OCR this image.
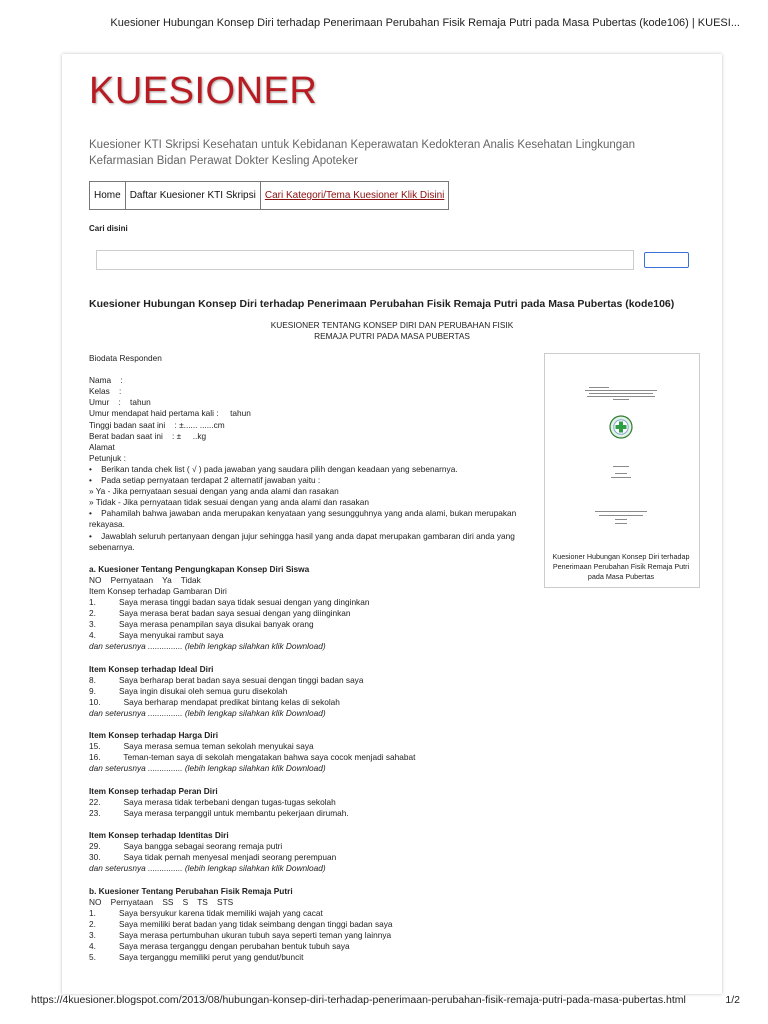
Kuesioner Hubungan Konsep Diri terhadap Penerimaan Perubahan Fisik Remaja Putri pada Masa Pubertas (kode106) | KUESI...
KUESIONER
Kuesioner KTI Skripsi Kesehatan untuk Kebidanan Keperawatan Kedokteran Analis Kesehatan Lingkungan Kefarmasian Bidan Perawat Dokter Kesling Apoteker
Home Daftar Kuesioner KTI Skripsi Cari Kategori/Tema Kuesioner Klik Disini
Cari disini
Kuesioner Hubungan Konsep Diri terhadap Penerimaan Perubahan Fisik Remaja Putri pada Masa Pubertas (kode106)
KUESIONER TENTANG KONSEP DIRI DAN PERUBAHAN FISIK
REMAJA PUTRI PADA MASA PUBERTAS
Biodata Responden
Nama    :
Kelas    :
Umur    :    tahun
Umur mendapat haid pertama kali :     tahun
Tinggi badan saat ini    : ±...... ......cm
Berat badan saat ini    : ±     ..kg
Alamat
Petunjuk :
•    Berikan tanda chek list ( √ ) pada jawaban yang saudara pilih dengan keadaan yang sebenarnya.
•    Pada setiap pernyataan terdapat 2 alternatif jawaban yaitu :
» Ya - Jika pernyataan sesuai dengan yang anda alami dan rasakan
» Tidak - Jika pernyataan tidak sesuai dengan yang anda alami dan rasakan
•    Pahamilah bahwa jawaban anda merupakan kenyataan yang sesungguhnya yang anda alami, bukan merupakan rekayasa.
•    Jawablah seluruh pertanyaan dengan jujur sehingga hasil yang anda dapat merupakan gambaran diri anda yang sebenarnya.
a. Kuesioner Tentang Pengungkapan Konsep Diri Siswa
NO    Pernyataan    Ya    Tidak
Item Konsep terhadap Gambaran Diri
1.          Saya merasa tinggi badan saya tidak sesuai dengan yang dinginkan
2.          Saya merasa berat badan saya sesuai dengan yang diinginkan
3.          Saya merasa penampilan saya disukai banyak orang
4.          Saya menyukai rambut saya
dan seterusnya ............... (lebih lengkap silahkan klik Download)
Item Konsep terhadap Ideal Diri
8.          Saya berharap berat badan saya sesuai dengan tinggi badan saya
9.          Saya ingin disukai oleh semua guru disekolah
10.          Saya berharap mendapat predikat bintang kelas di sekolah
dan seterusnya ............... (lebih lengkap silahkan klik Download)
Item Konsep terhadap Harga Diri
15.          Saya merasa semua teman sekolah menyukai saya
16.          Teman-teman saya di sekolah mengatakan bahwa saya cocok menjadi sahabat
dan seterusnya ............... (lebih lengkap silahkan klik Download)
Item Konsep terhadap Peran Diri
22.          Saya merasa tidak terbebani dengan tugas-tugas sekolah
23.          Saya merasa terpanggil untuk membantu pekerjaan dirumah.
Item Konsep terhadap Identitas Diri
29.          Saya bangga sebagai seorang remaja putri
30.          Saya tidak pernah menyesal menjadi seorang perempuan
dan seterusnya ............... (lebih lengkap silahkan klik Download)
b. Kuesioner Tentang Perubahan Fisik Remaja Putri
NO    Pernyataan    SS    S    TS    STS
1.          Saya bersyukur karena tidak memiliki wajah yang cacat
2.          Saya memiliki berat badan yang tidak seimbang dengan tinggi badan saya
3.          Saya merasa pertumbuhan ukuran tubuh saya seperti teman yang lainnya
4.          Saya merasa terganggu dengan perubahan bentuk tubuh saya
5.          Saya terganggu memiliki perut yang gendut/buncit
Kuesioner Hubungan Konsep Diri terhadap Penerimaan Perubahan Fisik Remaja Putri pada Masa Pubertas
https://4kuesioner.blogspot.com/2013/08/hubungan-konsep-diri-terhadap-penerimaan-perubahan-fisik-remaja-putri-pada-masa-pubertas.html	1/2
